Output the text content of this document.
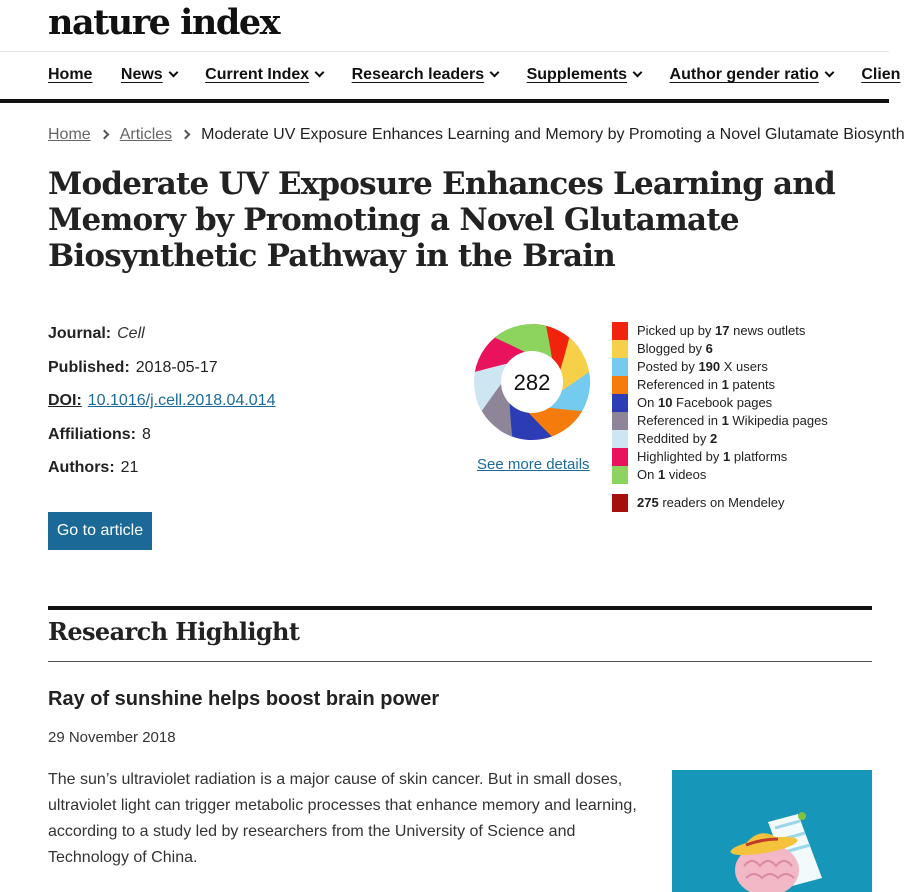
nature index
Home News	Current Index	Research leaders	Supplements	Author gender ratio	Clien
Home Articles Moderate UV Exposure Enhances Learning and Memory by Promoting a Novel Glutamate Biosynth
Moderate UV Exposure Enhances Learning and Memory by Promoting a Novel Glutamate Biosynthetic Pathway in the Brain
Journal: Cell
Published: 2018-05-17
DOI: 10.1016/j.cell.2018.04.014
Affiliations: 8
Authors: 21
Go to article
282
See more details
Picked up by 17 news outlets
Blogged by 6
Posted by 190 X users
Referenced in 1 patents
On 10 Facebook pages
Referenced in 1 Wikipedia pages
Reddited by 2
Highlighted by 1 platforms
On 1 videos
275 readers on Mendeley
Research Highlight
Ray of sunshine helps boost brain power
29 November 2018

The sun’s ultraviolet radiation is a major cause of skin cancer. But in small doses, ultraviolet light can trigger metabolic processes that enhance memory and learning, according to a study led by researchers from the University of Science and Technology of China.
